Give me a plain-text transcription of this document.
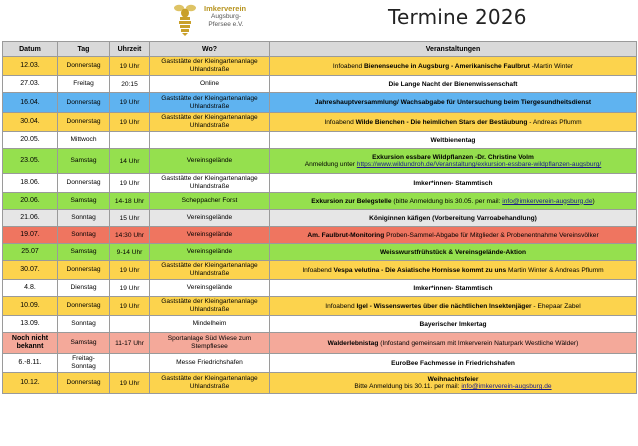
Imkerverein
Augsburg-
Pfersee e.V.	Termine 2026
Datum	Tag	Uhrzeit	Wo?	Veranstaltungen
12.03.	Donnerstag	19 Uhr	Gaststätte der Kleingartenanlage Uhlandstraße	Infoabend Bienenseuche in Augsburg - Amerikanische Faulbrut -Martin Winter

27.03.	Freitag	20:15	Online	Die Lange Nacht der Bienenwissenschaft

16.04.	Donnerstag	19 Uhr	Gaststätte der Kleingartenanlage Uhlandstraße	Jahreshauptversammlung/ Wachsabgabe für Untersuchung beim Tiergesundheitsdienst

30.04.	Donnerstag	19 Uhr	Gaststätte der Kleingartenanlage Uhlandstraße	Infoabend Wilde Bienchen - Die heimlichen Stars der Bestäubung - Andreas Pflumm

20.05.	Mittwoch			Weltbienentag

23.05.	Samstag	14 Uhr	Vereinsgelände	Exkursion essbare Wildpflanzen -Dr. Christine Volm
Anmeldung unter https://www.wildundroh.de/Veranstaltung/exkursion-essbare-wildpflanzen-augsburg/

18.06.	Donnerstag	19 Uhr	Gaststätte der Kleingartenanlage Uhlandstraße	Imker*innen- Stammtisch

20.06.	Samstag	14-18 Uhr	Scheppacher Forst	Exkursion zur Belegstelle (bitte Anmeldung bis 30.05. per mail: info@imkerverein-augsburg.de)

21.06.	Sonntag	15 Uhr	Vereinsgelände	Königinnen käfigen (Vorbereitung Varroabehandlung)

19.07.	Sonntag	14:30 Uhr	Vereinsgelände	Am. Faulbrut-Monitoring Proben-Sammel-Abgabe für Mitglieder & Probenentnahme Vereinsvölker

25.07	Samstag	9-14 Uhr	Vereinsgelände	Weisswurstfrühstück & Vereinsgelände-Aktion

30.07.	Donnerstag	19 Uhr	Gaststätte der Kleingartenanlage Uhlandstraße	Infoabend Vespa velutina - Die Asiatische Hornisse kommt zu uns Martin Winter & Andreas Pflumm

4.8.	Dienstag	19 Uhr	Vereinsgelände	Imker*innen- Stammtisch

10.09.	Donnerstag	19 Uhr	Gaststätte der Kleingartenanlage Uhlandstraße	Infoabend Igel - Wissenswertes über die nächtlichen Insektenjäger - Ehepaar Zabel

13.09.	Sonntag		Mindelheim	Bayerischer Imkertag

Noch nicht bekannt	Samstag	11-17 Uhr	Sportanlage Süd Wiese zum Stempflesee	Walderlebnistag (Infostand gemeinsam mit Imkerverein Naturpark Westliche Wälder)

6.-8.11.	Freitag-Sonntag		Messe Friedrichshafen	EuroBee Fachmesse in Friedrichshafen

10.12.	Donnerstag	19 Uhr	Gaststätte der Kleingartenanlage Uhlandstraße	Weihnachtsfeier
Bitte Anmeldung bis 30.11. per mail: info@imkerverein-augsburg.de
